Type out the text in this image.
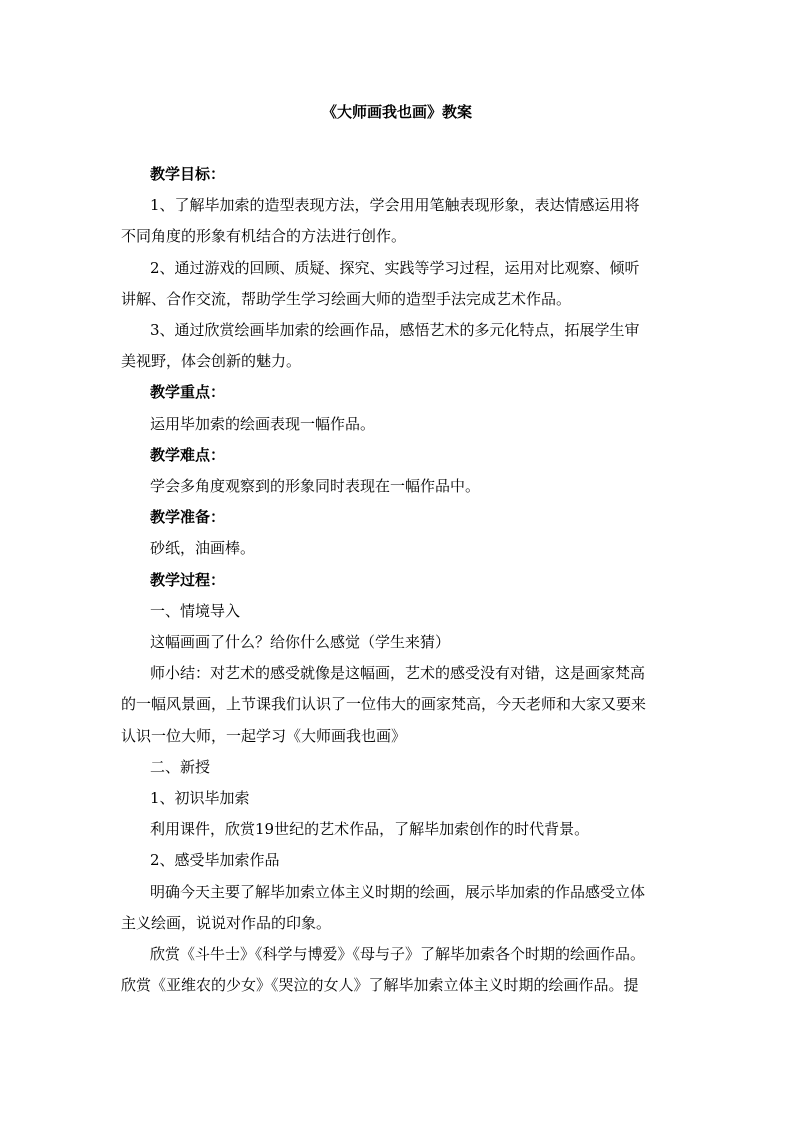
《大师画我也画》教案
教学目标：
1、了解毕加索的造型表现方法，学会用用笔触表现形象，表达情感运用将
不同角度的形象有机结合的方法进行创作。
2、通过游戏的回顾、质疑、探究、实践等学习过程，运用对比观察、倾听
讲解、合作交流，帮助学生学习绘画大师的造型手法完成艺术作品。
3、通过欣赏绘画毕加索的绘画作品，感悟艺术的多元化特点，拓展学生审
美视野，体会创新的魅力。
教学重点：
运用毕加索的绘画表现一幅作品。
教学难点：
学会多角度观察到的形象同时表现在一幅作品中。
教学准备：
砂纸，油画棒。
教学过程：
一、情境导入
这幅画画了什么？给你什么感觉（学生来猜）
师小结：对艺术的感受就像是这幅画，艺术的感受没有对错，这是画家梵高
的一幅风景画，上节课我们认识了一位伟大的画家梵高，今天老师和大家又要来
认识一位大师，一起学习《大师画我也画》
二、新授
1、初识毕加索
利用课件，欣赏19世纪的艺术作品，了解毕加索创作的时代背景。
2、感受毕加索作品
明确今天主要了解毕加索立体主义时期的绘画，展示毕加索的作品感受立体
主义绘画，说说对作品的印象。
欣赏《斗牛士》《科学与博爱》《母与子》了解毕加索各个时期的绘画作品。
欣赏《亚维农的少女》《哭泣的女人》了解毕加索立体主义时期的绘画作品。提
